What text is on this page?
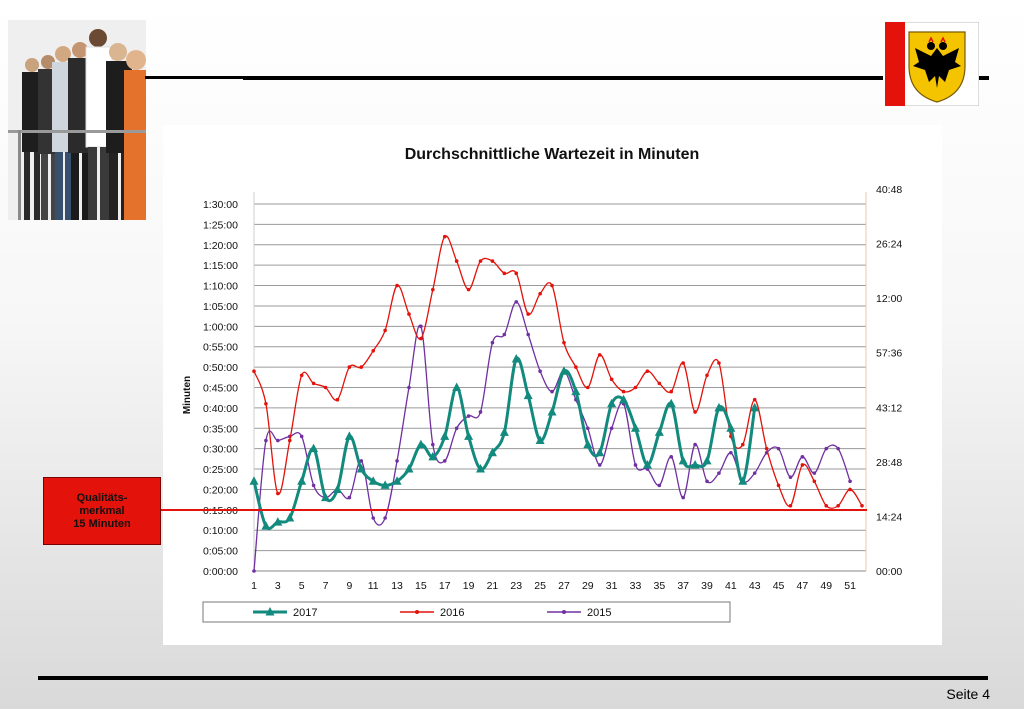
Durchschnittliche Wartezeit in Minuten
Minuten
0:00:00
0:05:00
0:10:00
0:20:00
0:25:00
0:30:00
0:35:00
0:40:00
0:45:00
0:50:00
0:55:00
1:00:00
1:05:00
1:10:00
1:15:00
1:20:00
1:25:00
1:30:00
00:00
14:24
28:48
43:12
57:36
12:00
26:24
40:48
1 3 5 7 9 11 13 15 17 19 21 23 25 27 29 31 33 35 37 39 41 43 45 47 49 51
2017	2016	2015
Qualitäts-
merkmal
15 Minuten
Seite 4
